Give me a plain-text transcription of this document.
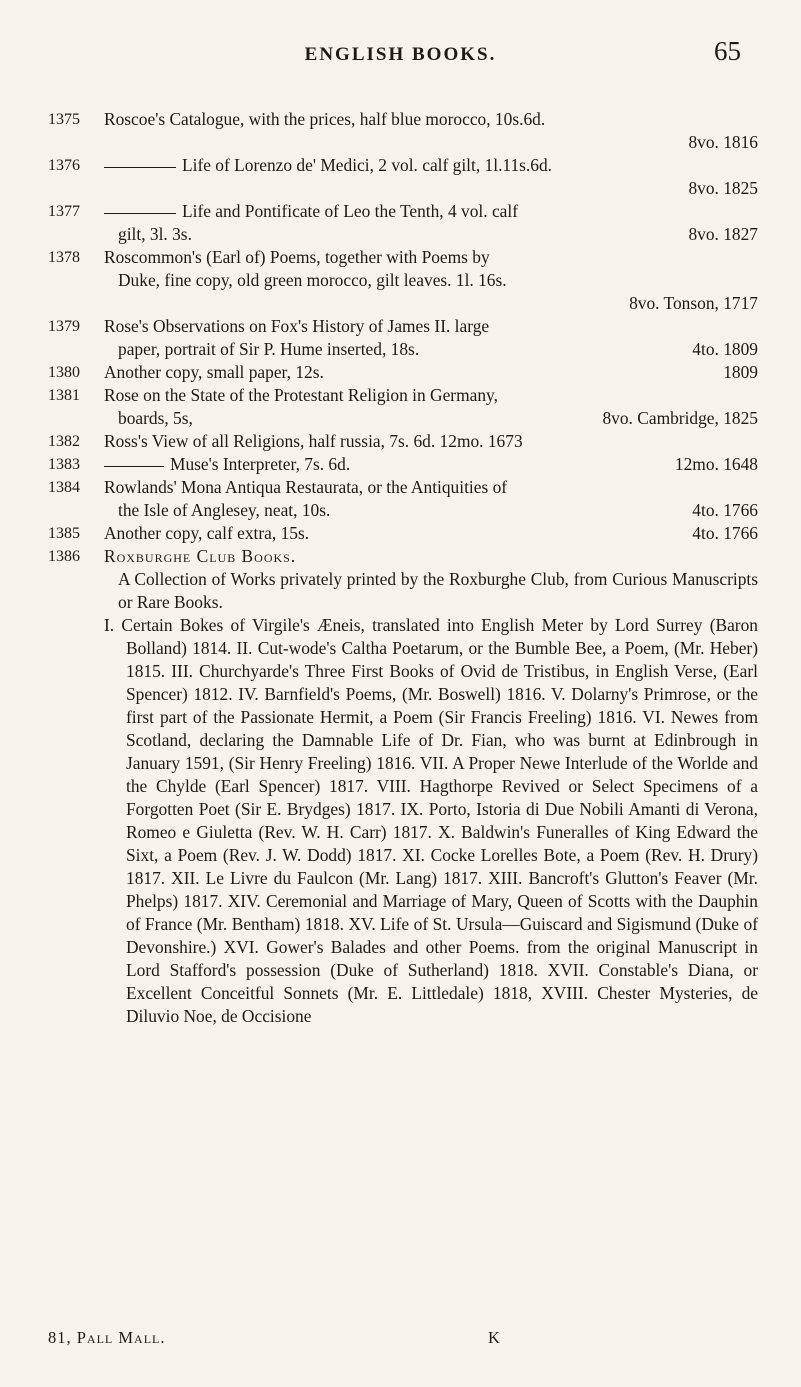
ENGLISH BOOKS.	65
1375 Roscoe's Catalogue, with the prices, half blue morocco, 10s.6d.
8vo. 1816
1376	Life of Lorenzo de' Medici, 2 vol. calf gilt, 1l.11s.6d.
8vo. 1825
1377	Life and Pontificate of Leo the Tenth, 4 vol. calf
gilt, 3l. 3s.	8vo. 1827
1378 Roscommon's (Earl of) Poems, together with Poems by
Duke, fine copy, old green morocco, gilt leaves. 1l. 16s.
8vo. Tonson, 1717
1379 Rose's Observations on Fox's History of James II. large
paper, portrait of Sir P. Hume inserted, 18s.	4to. 1809
1380 Another copy, small paper, 12s.	1809
1381 Rose on the State of the Protestant Religion in Germany,
boards, 5s,	8vo. Cambridge, 1825
1382 Ross's View of all Religions, half russia, 7s. 6d. 12mo. 1673
1383	Muse's Interpreter, 7s. 6d.	12mo. 1648
1384 Rowlands' Mona Antiqua Restaurata, or the Antiquities of
the Isle of Anglesey, neat, 10s.	4to. 1766
1385 Another copy, calf extra, 15s.	4to. 1766
1386 Roxburghe Club Books.
A Collection of Works privately printed by the Roxburghe Club, from Curious Manuscripts or Rare Books.
I. Certain Bokes of Virgile's Æneis, translated into English Meter by Lord Surrey (Baron Bolland) 1814. II. Cut-wode's Caltha Poetarum, or the Bumble Bee, a Poem, (Mr. Heber) 1815. III. Churchyarde's Three First Books of Ovid de Tristibus, in English Verse, (Earl Spencer) 1812. IV. Barnfield's Poems, (Mr. Boswell) 1816. V. Dolarny's Primrose, or the first part of the Passionate Hermit, a Poem (Sir Francis Freeling) 1816. VI. Newes from Scotland, declaring the Damnable Life of Dr. Fian, who was burnt at Edinbrough in January 1591, (Sir Henry Freeling) 1816. VII. A Proper Newe Interlude of the Worlde and the Chylde (Earl Spencer) 1817. VIII. Hagthorpe Revived or Select Specimens of a Forgotten Poet (Sir E. Brydges) 1817. IX. Porto, Istoria di Due Nobili Amanti di Verona, Romeo e Giuletta (Rev. W. H. Carr) 1817. X. Baldwin's Funeralles of King Edward the Sixt, a Poem (Rev. J. W. Dodd) 1817. XI. Cocke Lorelles Bote, a Poem (Rev. H. Drury) 1817. XII. Le Livre du Faulcon (Mr. Lang) 1817. XIII. Bancroft's Glutton's Feaver (Mr. Phelps) 1817. XIV. Ceremonial and Marriage of Mary, Queen of Scotts with the Dauphin of France (Mr. Bentham) 1818. XV. Life of St. Ursula—Guiscard and Sigismund (Duke of Devonshire.) XVI. Gower's Balades and other Poems. from the original Manuscript in Lord Stafford's possession (Duke of Sutherland) 1818. XVII. Constable's Diana, or Excellent Conceitful Sonnets (Mr. E. Littledale) 1818, XVIII. Chester Mysteries, de Diluvio Noe, de Occisione
81, Pall Mall.	K
